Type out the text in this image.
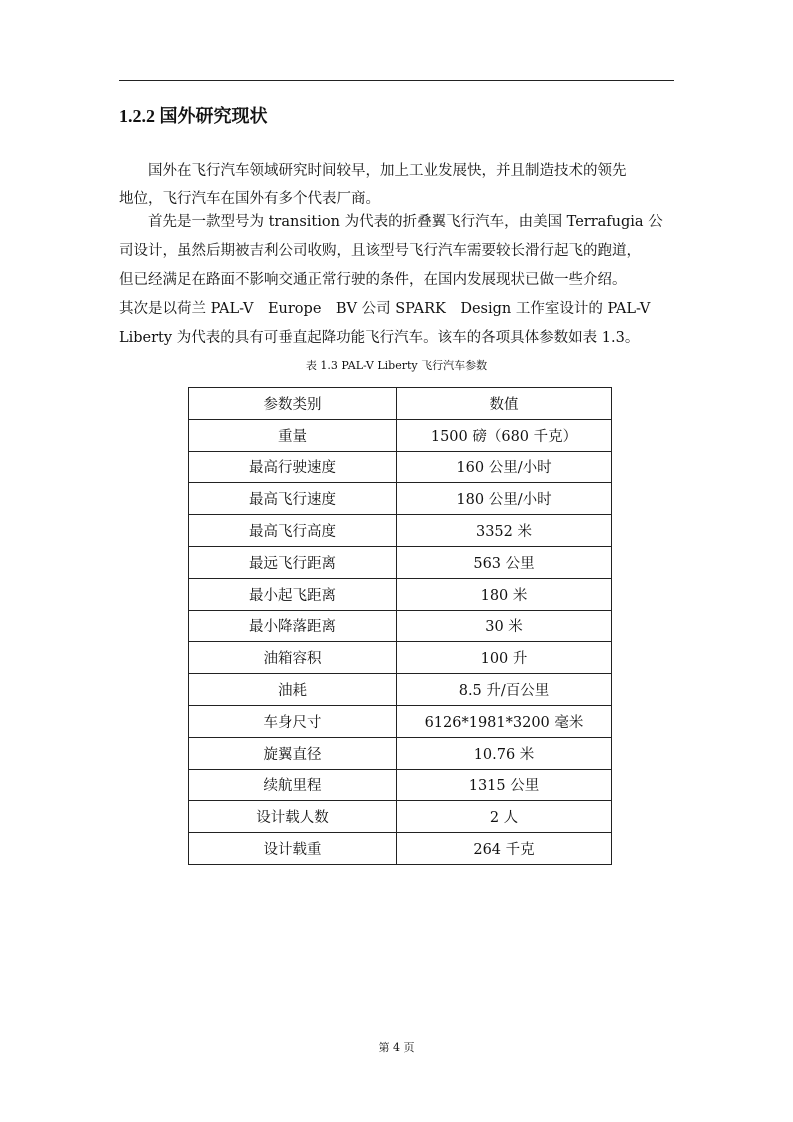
1.2.2 国外研究现状
　　国外在飞行汽车领域研究时间较早，加上工业发展快，并且制造技术的领先
地位，飞行汽车在国外有多个代表厂商。
　　首先是一款型号为 transition 为代表的折叠翼飞行汽车，由美国 Terrafugia 公
司设计，虽然后期被吉利公司收购，且该型号飞行汽车需要较长滑行起飞的跑道，
但已经满足在路面不影响交通正常行驶的条件，在国内发展现状已做一些介绍。
其次是以荷兰 PAL-V　Europe　BV 公司 SPARK　Design 工作室设计的 PAL-V
Liberty 为代表的具有可垂直起降功能飞行汽车。该车的各项具体参数如表 1.3。
表 1.3 PAL-V Liberty 飞行汽车参数
参数类别	数值
重量	1500 磅（680 千克）
最高行驶速度	160 公里/小时
最高飞行速度	180 公里/小时
最高飞行高度	3352 米
最远飞行距离	563 公里
最小起飞距离	180 米
最小降落距离	30 米
油箱容积	100 升
油耗	8.5 升/百公里
车身尺寸	6126*1981*3200 毫米
旋翼直径	10.76 米
续航里程	1315 公里
设计载人数	2 人
设计载重	264 千克
第 4 页
